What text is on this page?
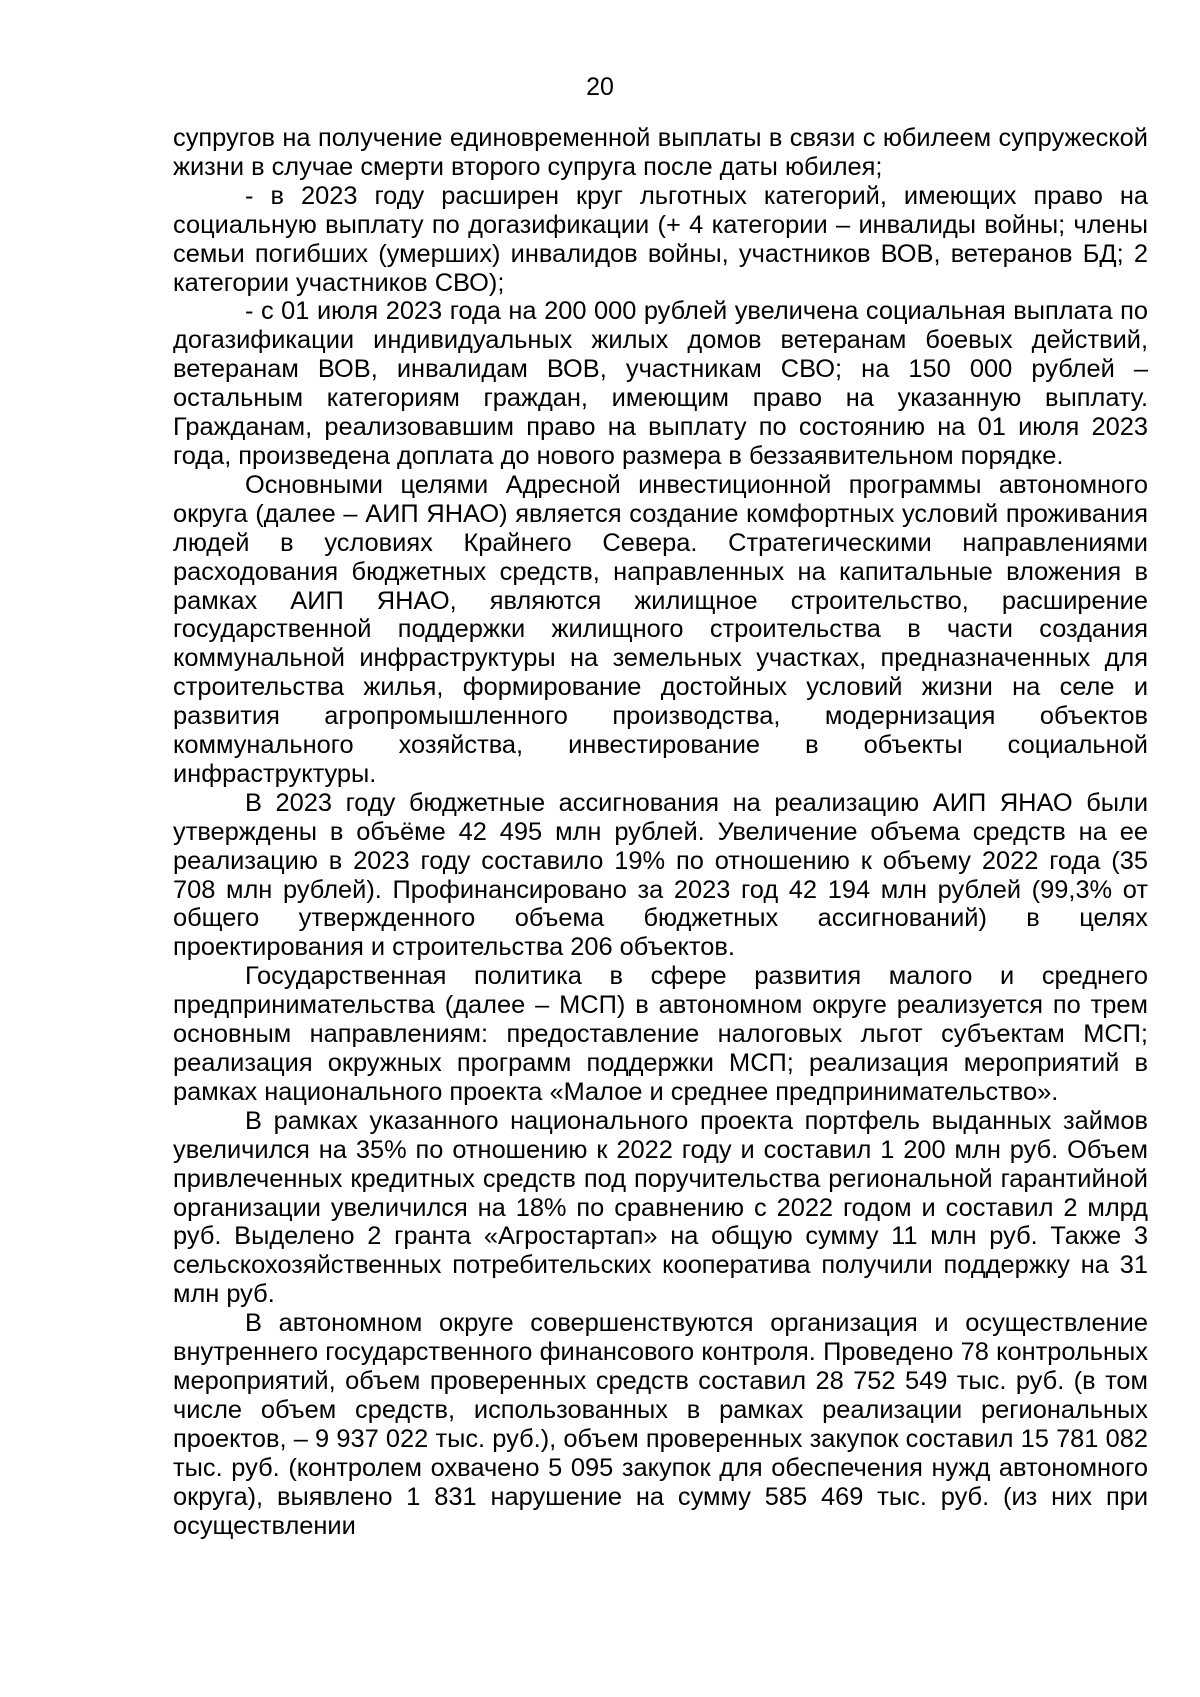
20

супругов на получение единовременной выплаты в связи с юбилеем супружеской жизни в случае смерти второго супруга после даты юбилея;

- в 2023 году расширен круг льготных категорий, имеющих право на социальную выплату по догазификации (+ 4 категории – инвалиды войны; члены семьи погибших (умерших) инвалидов войны, участников ВОВ, ветеранов БД; 2 категории участников СВО);

- с 01 июля 2023 года на 200 000 рублей увеличена социальная выплата по догазификации индивидуальных жилых домов ветеранам боевых действий, ветеранам ВОВ, инвалидам ВОВ, участникам СВО; на 150 000 рублей – остальным категориям граждан, имеющим право на указанную выплату. Гражданам, реализовавшим право на выплату по состоянию на 01 июля 2023 года, произведена доплата до нового размера в беззаявительном порядке.

Основными целями Адресной инвестиционной программы автономного округа (далее – АИП ЯНАО) является создание комфортных условий проживания людей в условиях Крайнего Севера. Стратегическими направлениями расходования бюджетных средств, направленных на капитальные вложения в рамках АИП ЯНАО, являются жилищное строительство, расширение государственной поддержки жилищного строительства в части создания коммунальной инфраструктуры на земельных участках, предназначенных для строительства жилья, формирование достойных условий жизни на селе и развития агропромышленного производства, модернизация объектов коммунального хозяйства, инвестирование в объекты социальной инфраструктуры.

В 2023 году бюджетные ассигнования на реализацию АИП ЯНАО были утверждены в объёме 42 495 млн рублей. Увеличение объема средств на ее реализацию в 2023 году составило 19% по отношению к объему 2022 года (35 708 млн рублей). Профинансировано за 2023 год 42 194 млн рублей (99,3% от общего утвержденного объема бюджетных ассигнований) в целях проектирования и строительства 206 объектов.

Государственная политика в сфере развития малого и среднего предпринимательства (далее – МСП) в автономном округе реализуется по трем основным направлениям: предоставление налоговых льгот субъектам МСП; реализация окружных программ поддержки МСП; реализация мероприятий в рамках национального проекта «Малое и среднее предпринимательство».

В рамках указанного национального проекта портфель выданных займов увеличился на 35% по отношению к 2022 году и составил 1 200 млн руб. Объем привлеченных кредитных средств под поручительства региональной гарантийной организации увеличился на 18% по сравнению с 2022 годом и составил 2 млрд руб. Выделено 2 гранта «Агростартап» на общую сумму 11 млн руб. Также 3 сельскохозяйственных потребительских кооператива получили поддержку на 31 млн руб.

В автономном округе совершенствуются организация и осуществление внутреннего государственного финансового контроля. Проведено 78 контрольных мероприятий, объем проверенных средств составил 28 752 549 тыс. руб. (в том числе объем средств, использованных в рамках реализации региональных проектов, – 9 937 022 тыс. руб.), объем проверенных закупок составил 15 781 082 тыс. руб. (контролем охвачено 5 095 закупок для обеспечения нужд автономного округа), выявлено 1 831 нарушение на сумму 585 469 тыс. руб. (из них при осуществлении
